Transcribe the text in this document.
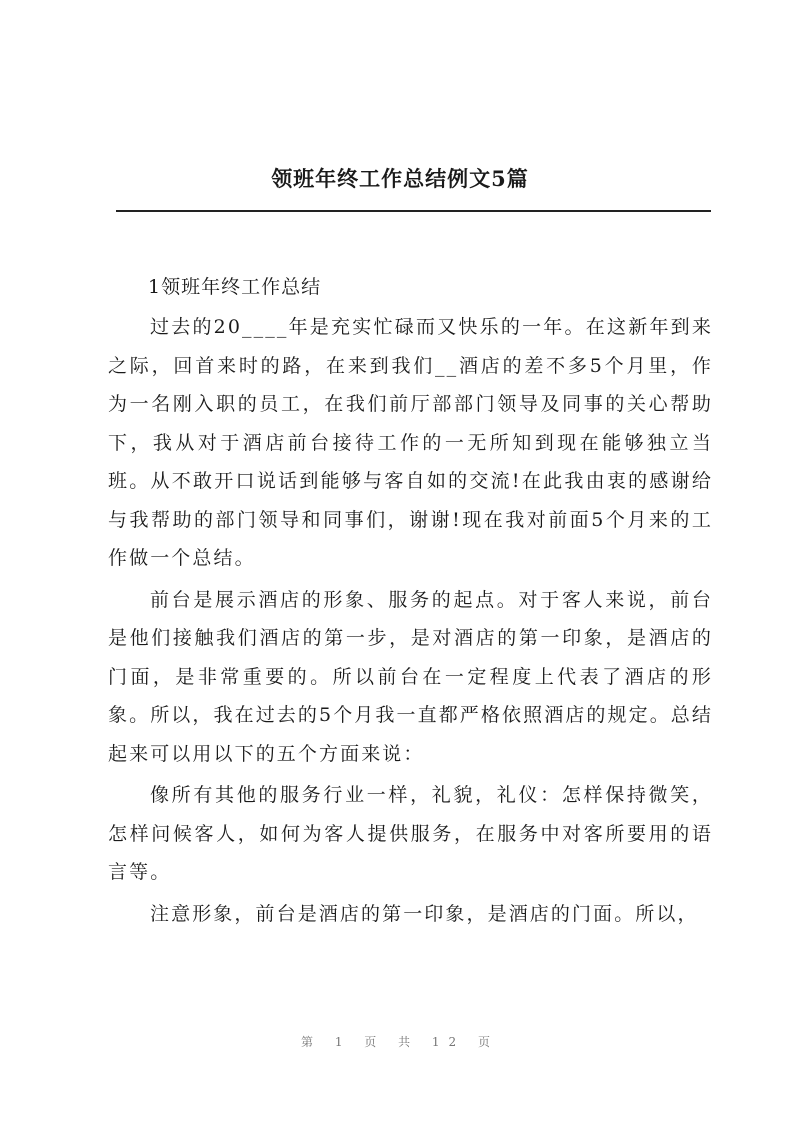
领班年终工作总结例文5篇

1领班年终工作总结

过去的20____年是充实忙碌而又快乐的一年。在这新年到来之际，回首来时的路，在来到我们__酒店的差不多5个月里，作为一名刚入职的员工，在我们前厅部部门领导及同事的关心帮助下，我从对于酒店前台接待工作的一无所知到现在能够独立当班。从不敢开口说话到能够与客自如的交流!在此我由衷的感谢给与我帮助的部门领导和同事们，谢谢!现在我对前面5个月来的工作做一个总结。

前台是展示酒店的形象、服务的起点。对于客人来说，前台是他们接触我们酒店的第一步，是对酒店的第一印象，是酒店的门面，是非常重要的。所以前台在一定程度上代表了酒店的形象。所以，我在过去的5个月我一直都严格依照酒店的规定。总结起来可以用以下的五个方面来说：

像所有其他的服务行业一样，礼貌，礼仪：怎样保持微笑，怎样问候客人，如何为客人提供服务，在服务中对客所要用的语言等。

注意形象，前台是酒店的第一印象，是酒店的门面。所以，

第 1 页 共 12 页
